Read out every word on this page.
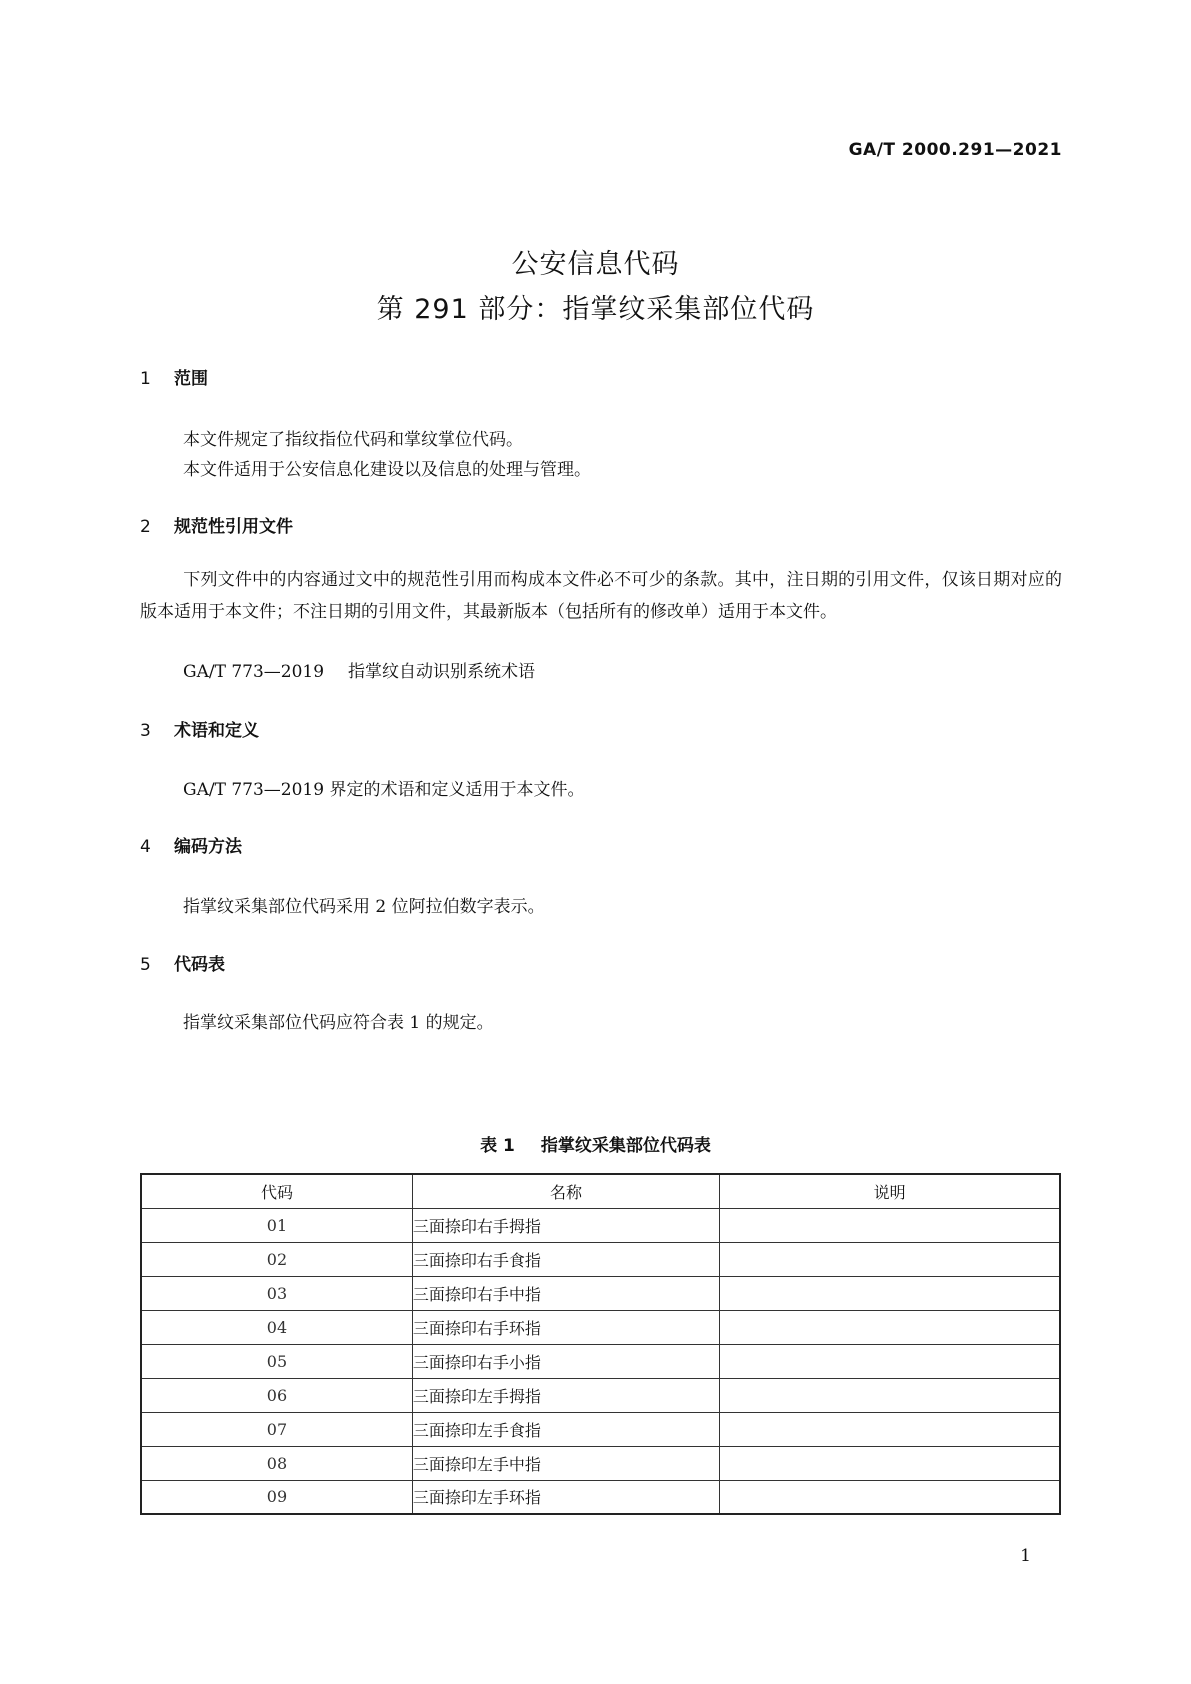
GA/T 2000.291—2021
公安信息代码
第 291 部分：指掌纹采集部位代码
1 范围
本文件规定了指纹指位代码和掌纹掌位代码。
本文件适用于公安信息化建设以及信息的处理与管理。
2 规范性引用文件
下列文件中的内容通过文中的规范性引用而构成本文件必不可少的条款。其中，注日期的引用文件，仅该日期对应的版本适用于本文件；不注日期的引用文件，其最新版本（包括所有的修改单）适用于本文件。
GA/T 773—2019 指掌纹自动识别系统术语
3 术语和定义
GA/T 773—2019 界定的术语和定义适用于本文件。
4 编码方法
指掌纹采集部位代码采用 2 位阿拉伯数字表示。
5 代码表
指掌纹采集部位代码应符合表 1 的规定。
表 1 指掌纹采集部位代码表
代码	名称	说明
01	三面捺印右手拇指	
02	三面捺印右手食指	
03	三面捺印右手中指	
04	三面捺印右手环指	
05	三面捺印右手小指	
06	三面捺印左手拇指	
07	三面捺印左手食指	
08	三面捺印左手中指	
09	三面捺印左手环指	
1
